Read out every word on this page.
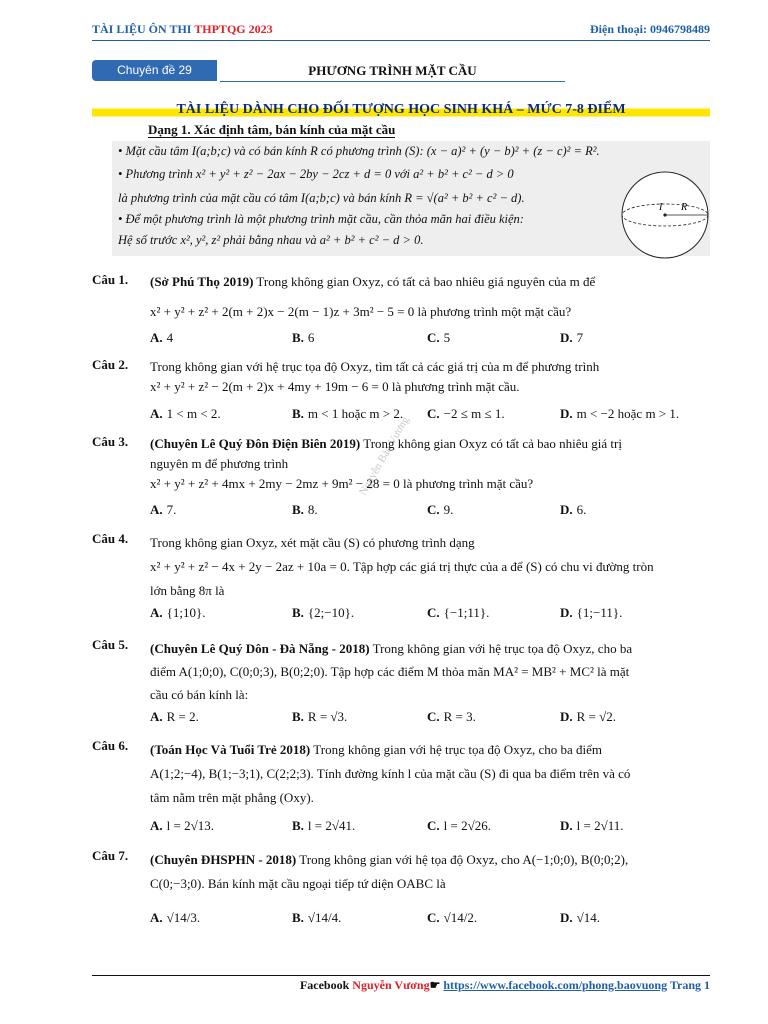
TÀI LIỆU ÔN THI THPTQG 2023	Điện thoại: 0946798489
Chuyên đề 29	PHƯƠNG TRÌNH MẶT CẦU
TÀI LIỆU DÀNH CHO ĐỐI TƯỢNG HỌC SINH KHÁ – MỨC 7-8 ĐIỂM
Dạng 1. Xác định tâm, bán kính của mặt cầu
• Mặt cầu tâm I(a;b;c) và có bán kính R có phương trình (S): (x − a)² + (y − b)² + (z − c)² = R².
• Phương trình x² + y² + z² − 2ax − 2by − 2cz + d = 0 với a² + b² + c² − d > 0
là phương trình của mặt cầu có tâm I(a;b;c) và bán kính R = √(a² + b² + c² − d).
• Để một phương trình là một phương trình mặt cầu, cần thỏa mãn hai điều kiện:
Hệ số trước x², y², z² phải bằng nhau và a² + b² + c² − d > 0.
I R
Nguyễn Bảo Vương
Câu 1. (Sở Phú Thọ 2019) Trong không gian Oxyz, có tất cả bao nhiêu giá nguyên của m để
x² + y² + z² + 2(m + 2)x − 2(m − 1)z + 3m² − 5 = 0 là phương trình một mặt cầu?
A. 4	B. 6	C. 5	D. 7
Câu 2. Trong không gian với hệ trục tọa độ Oxyz, tìm tất cả các giá trị của m để phương trình
x² + y² + z² − 2(m + 2)x + 4my + 19m − 6 = 0 là phương trình mặt cầu.
A. 1 < m < 2.	B. m < 1 hoặc m > 2. C. −2 ≤ m ≤ 1.	D. m < −2 hoặc m > 1.
Câu 3. (Chuyên Lê Quý Đôn Điện Biên 2019) Trong không gian Oxyz có tất cả bao nhiêu giá trị
nguyên m để phương trình
x² + y² + z² + 4mx + 2my − 2mz + 9m² − 28 = 0 là phương trình mặt cầu?
A. 7.	B. 8.	C. 9.	D. 6.
Câu 4. Trong không gian Oxyz, xét mặt cầu (S) có phương trình dạng
x² + y² + z² − 4x + 2y − 2az + 10a = 0. Tập hợp các giá trị thực của a để (S) có chu vi đường tròn
lớn bằng 8π là
A. {1;10}.	B. {2;−10}.	C. {−1;11}.	D. {1;−11}.
Câu 5. (Chuyên Lê Quý Dôn - Đà Nẵng - 2018) Trong không gian với hệ trục tọa độ Oxyz, cho ba
điểm A(1;0;0), C(0;0;3), B(0;2;0). Tập hợp các điểm M thỏa mãn MA² = MB² + MC² là mặt
cầu có bán kính là:
A. R = 2.	B. R = √3.	C. R = 3.	D. R = √2.
Câu 6. (Toán Học Và Tuổi Trẻ 2018) Trong không gian với hệ trục tọa độ Oxyz, cho ba điểm
A(1;2;−4), B(1;−3;1), C(2;2;3). Tính đường kính l của mặt cầu (S) đi qua ba điểm trên và có
tâm nằm trên mặt phẳng (Oxy).
A. l = 2√13.	B. l = 2√41.	C. l = 2√26.	D. l = 2√11.
Câu 7. (Chuyên ĐHSPHN - 2018) Trong không gian với hệ tọa độ Oxyz, cho A(−1;0;0), B(0;0;2),
C(0;−3;0). Bán kính mặt cầu ngoại tiếp tứ diện OABC là
A. √14/3.	B. √14/4.	C. √14/2.	D. √14.
Facebook Nguyễn Vương☛ https://www.facebook.com/phong.baovuong Trang 1
